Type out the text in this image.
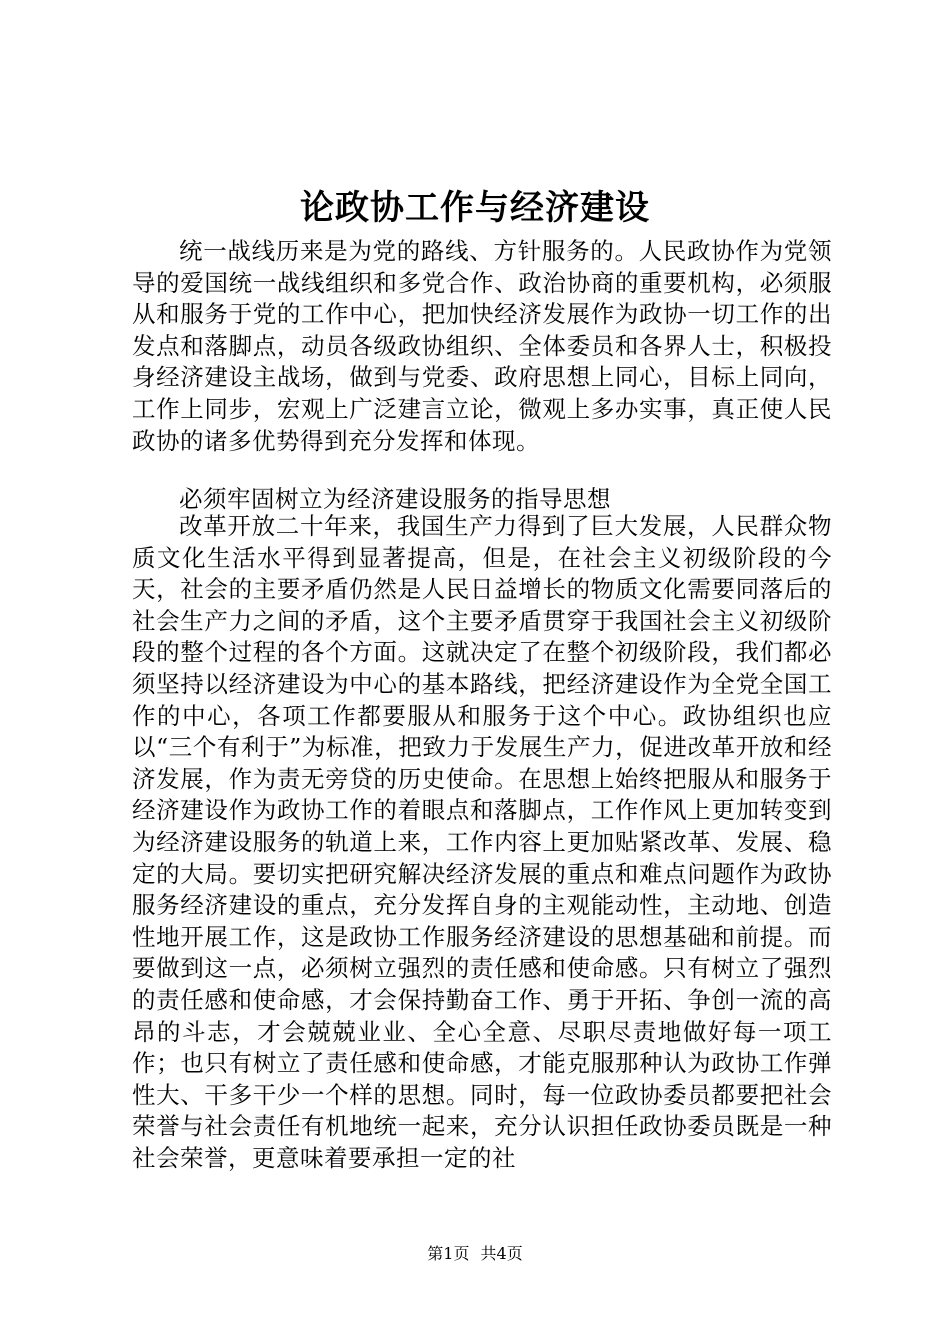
论政协工作与经济建设

统一战线历来是为党的路线、方针服务的。人民政协作为党领导的爱国统一战线组织和多党合作、政治协商的重要机构，必须服从和服务于党的工作中心，把加快经济发展作为政协一切工作的出发点和落脚点，动员各级政协组织、全体委员和各界人士，积极投身经济建设主战场，做到与党委、政府思想上同心，目标上同向，工作上同步，宏观上广泛建言立论，微观上多办实事，真正使人民政协的诸多优势得到充分发挥和体现。

必须牢固树立为经济建设服务的指导思想

改革开放二十年来，我国生产力得到了巨大发展，人民群众物质文化生活水平得到显著提高，但是，在社会主义初级阶段的今天，社会的主要矛盾仍然是人民日益增长的物质文化需要同落后的社会生产力之间的矛盾，这个主要矛盾贯穿于我国社会主义初级阶段的整个过程的各个方面。这就决定了在整个初级阶段，我们都必须坚持以经济建设为中心的基本路线，把经济建设作为全党全国工作的中心，各项工作都要服从和服务于这个中心。政协组织也应以“三个有利于”为标准，把致力于发展生产力，促进改革开放和经济发展，作为责无旁贷的历史使命。在思想上始终把服从和服务于经济建设作为政协工作的着眼点和落脚点，工作作风上更加转变到为经济建设服务的轨道上来，工作内容上更加贴紧改革、发展、稳定的大局。要切实把研究解决经济发展的重点和难点问题作为政协服务经济建设的重点，充分发挥自身的主观能动性，主动地、创造性地开展工作，这是政协工作服务经济建设的思想基础和前提。而要做到这一点，必须树立强烈的责任感和使命感。只有树立了强烈的责任感和使命感，才会保持勤奋工作、勇于开拓、争创一流的高昂的斗志，才会兢兢业业、全心全意、尽职尽责地做好每一项工作；也只有树立了责任感和使命感，才能克服那种认为政协工作弹性大、干多干少一个样的思想。同时，每一位政协委员都要把社会荣誉与社会责任有机地统一起来，充分认识担任政协委员既是一种社会荣誉，更意味着要承担一定的社

第1页 共4页
